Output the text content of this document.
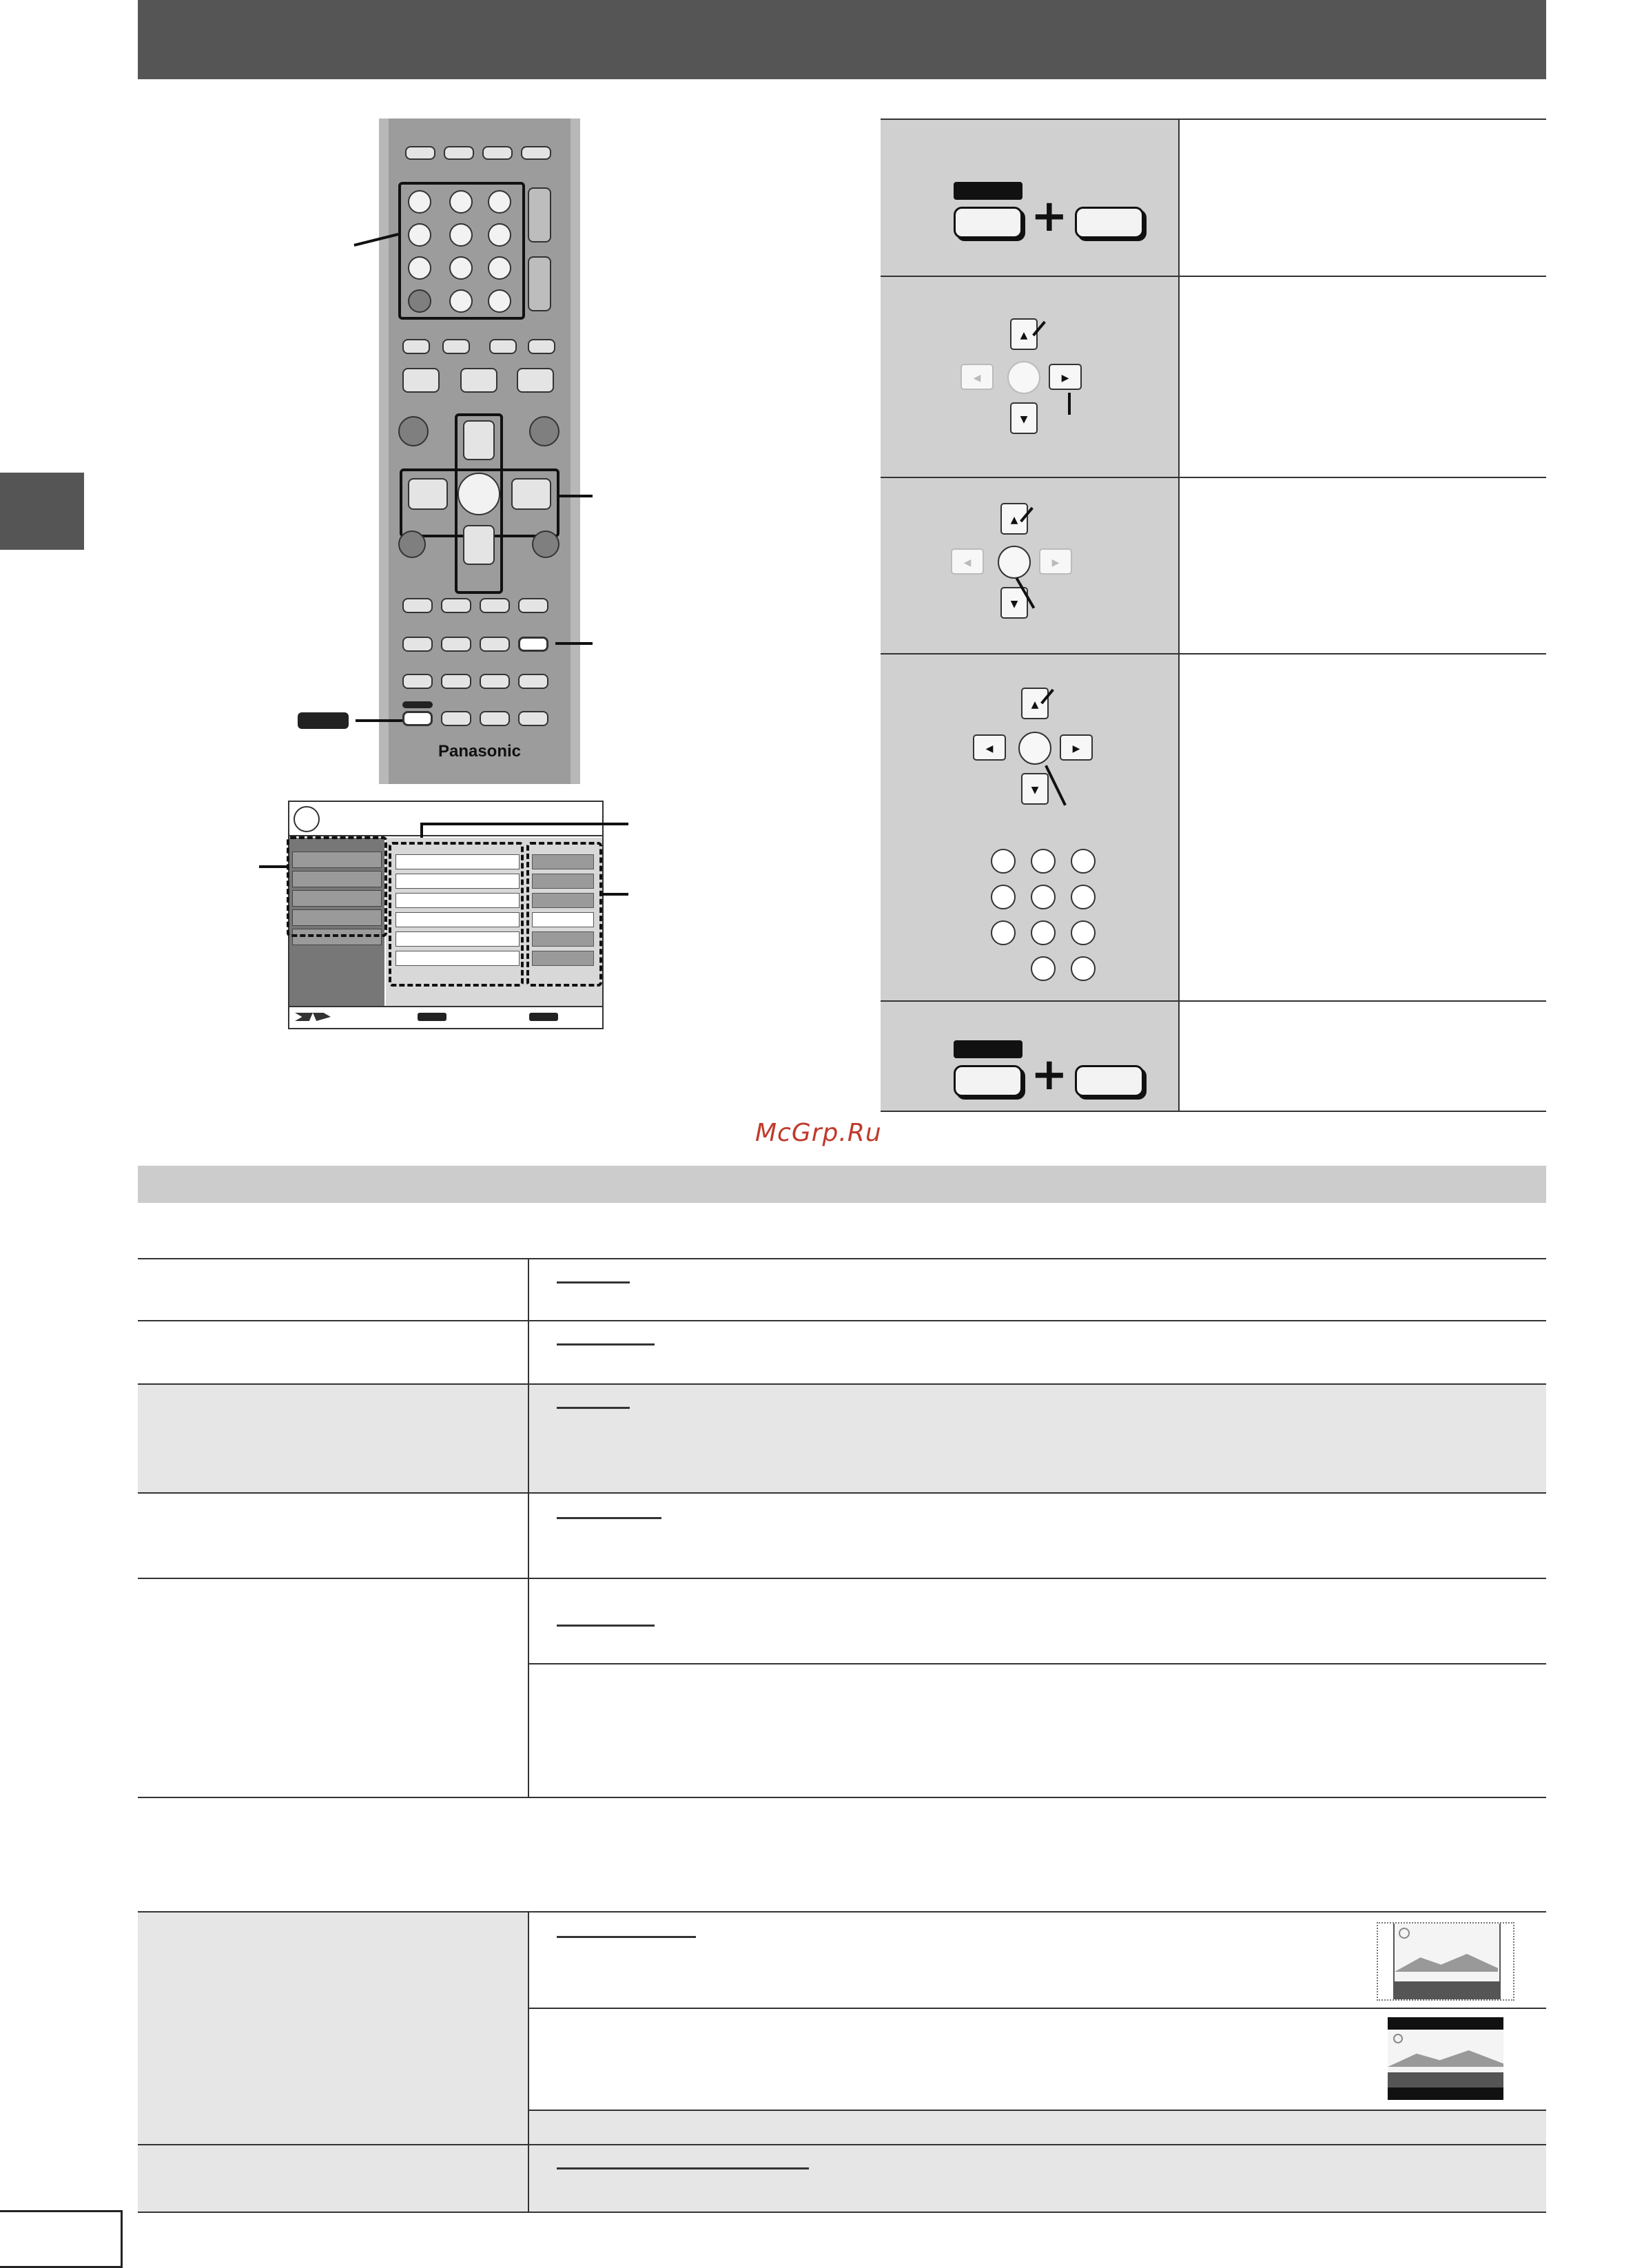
Panasonic
+
▲
◀	▶
▼
▲
◀	▶
▼
▲
◀	▶
▼
+
McGrp.Ru
